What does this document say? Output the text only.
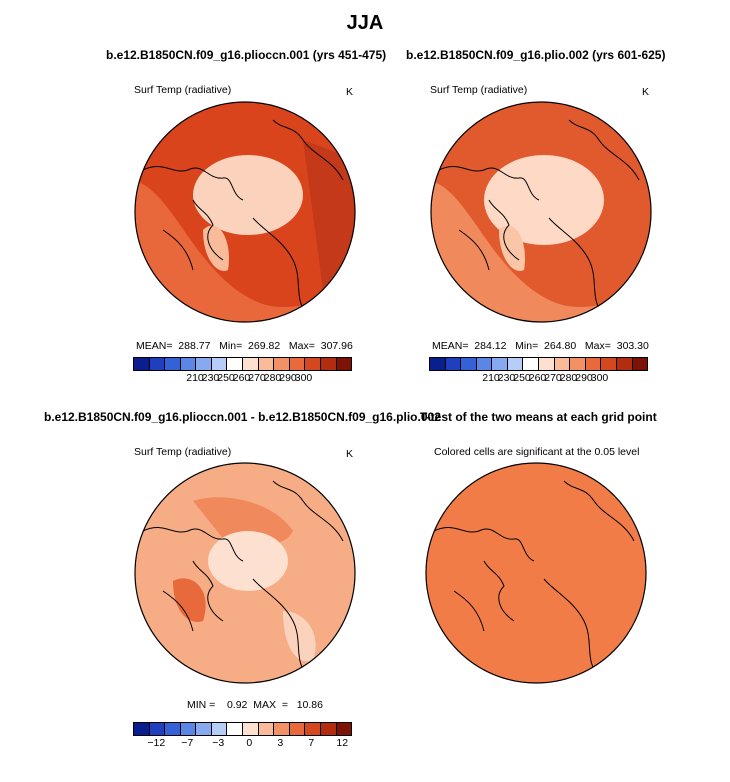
JJA
b.e12.B1850CN.f09_g16.plioccn.001 (yrs 451-475)
Surf Temp (radiative)	K
MEAN=  288.77   Min=  269.82   Max=  307.96
210
230
250
260
270
280
290
300
b.e12.B1850CN.f09_g16.plio.002 (yrs 601-625)
Surf Temp (radiative)	K
MEAN=  284.12   Min=  264.80   Max=  303.30
210
230
250
260
270
280
290
300
b.e12.B1850CN.f09_g16.plioccn.001 - b.e12.B1850CN.f09_g16.plio.002
Surf Temp (radiative)	K
MIN =    0.92  MAX  =   10.86
−12 −7 −3 0 3 7 12
T-test of the two means at each grid point
Colored cells are significant at the 0.05 level
